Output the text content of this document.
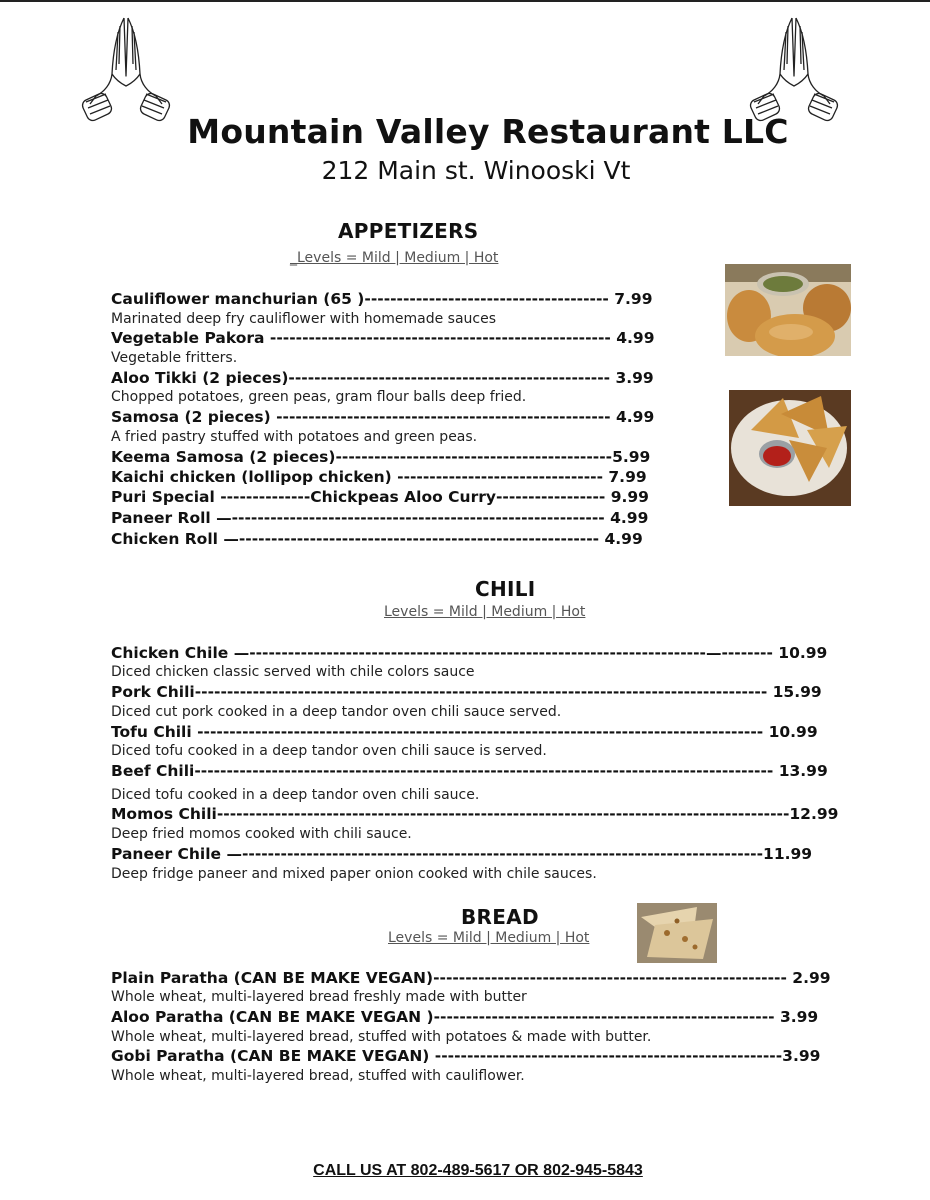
Mountain Valley Restaurant LLC
212 Main st. Winooski Vt
APPETIZERS
_Levels = Mild | Medium | Hot
Cauliflower manchurian (65 )-------------------------------------- 7.99
Marinated deep fry cauliflower with homemade sauces
Vegetable Pakora ----------------------------------------------------- 4.99
Vegetable fritters.
Aloo Tikki (2 pieces)-------------------------------------------------- 3.99
Chopped potatoes, green peas, gram flour balls deep fried.
Samosa (2 pieces) ---------------------------------------------------- 4.99
A fried pastry stuffed with potatoes and green peas.
Keema Samosa (2 pieces)-------------------------------------------5.99
Kaichi chicken (lollipop chicken) -------------------------------- 7.99
Puri Special --------------Chickpeas Aloo Curry----------------- 9.99
Paneer Roll —---------------------------------------------------------- 4.99
Chicken Roll —-------------------------------------------------------- 4.99
CHILI
Levels = Mild | Medium | Hot
Chicken Chile —-----------------------------------------------------------------------—-------- 10.99
Diced chicken classic served with chile colors sauce
Pork Chili----------------------------------------------------------------------------------------- 15.99
Diced cut pork cooked in a deep tandor oven chili sauce served.
Tofu Chili ---------------------------------------------------------------------------------------- 10.99
Diced tofu cooked in a deep tandor oven chili sauce is served.
Beef Chili------------------------------------------------------------------------------------------ 13.99
Diced tofu cooked in a deep tandor oven chili sauce.
Momos Chili-----------------------------------------------------------------------------------------12.99
Deep fried momos cooked with chili sauce.
Paneer Chile —---------------------------------------------------------------------------------11.99
Deep fridge paneer and mixed paper onion cooked with chile sauces.
BREAD
Levels = Mild | Medium | Hot
Plain Paratha (CAN BE MAKE VEGAN)------------------------------------------------------- 2.99
Whole wheat, multi-layered bread freshly made with butter
Aloo Paratha (CAN BE MAKE VEGAN )----------------------------------------------------- 3.99
Whole wheat, multi-layered bread, stuffed with potatoes & made with butter.
Gobi Paratha (CAN BE MAKE VEGAN) ------------------------------------------------------3.99
Whole wheat, multi-layered bread, stuffed with cauliflower.
CALL US AT 802-489-5617 OR 802-945-5843
